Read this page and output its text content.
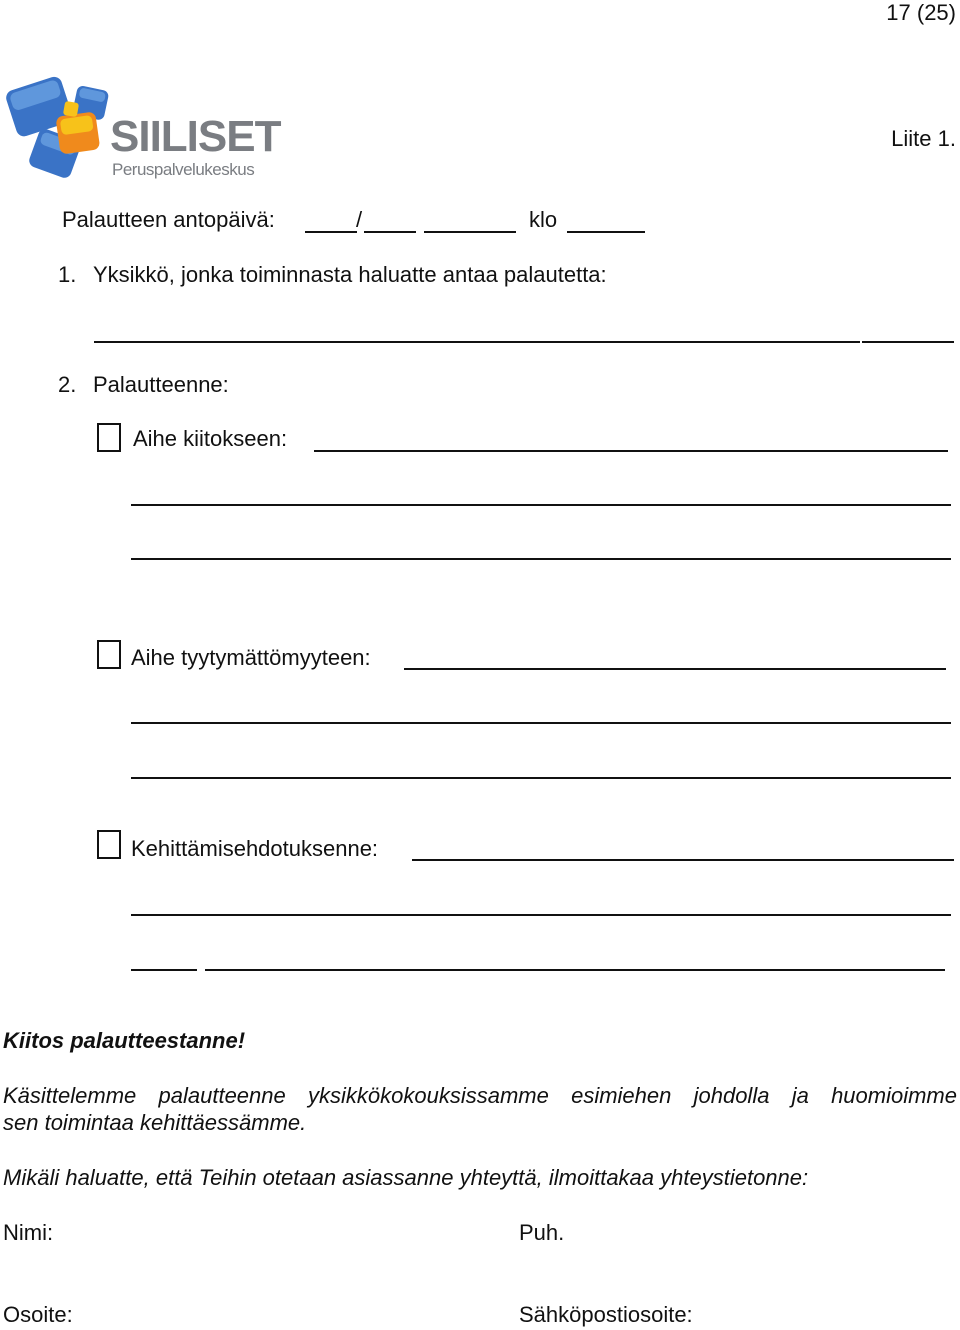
17 (25)
Liite 1.
SIILISET
Peruspalvelukeskus
Palautteen antopäivä:	/	klo
1. Yksikkö, jonka toiminnasta haluatte antaa palautetta:
2. Palautteenne:
Aihe kiitokseen:
Aihe tyytymättömyyteen:
Kehittämisehdotuksenne:
Kiitos palautteestanne!
Käsittelemme palautteenne yksikkökokouksissamme esimiehen johdolla ja huomioimme
sen toimintaa kehittäessämme.
Mikäli haluatte, että Teihin otetaan asiassanne yhteyttä, ilmoittakaa yhteystietonne:
Nimi:	Puh.
Osoite:	Sähköpostiosoite:
